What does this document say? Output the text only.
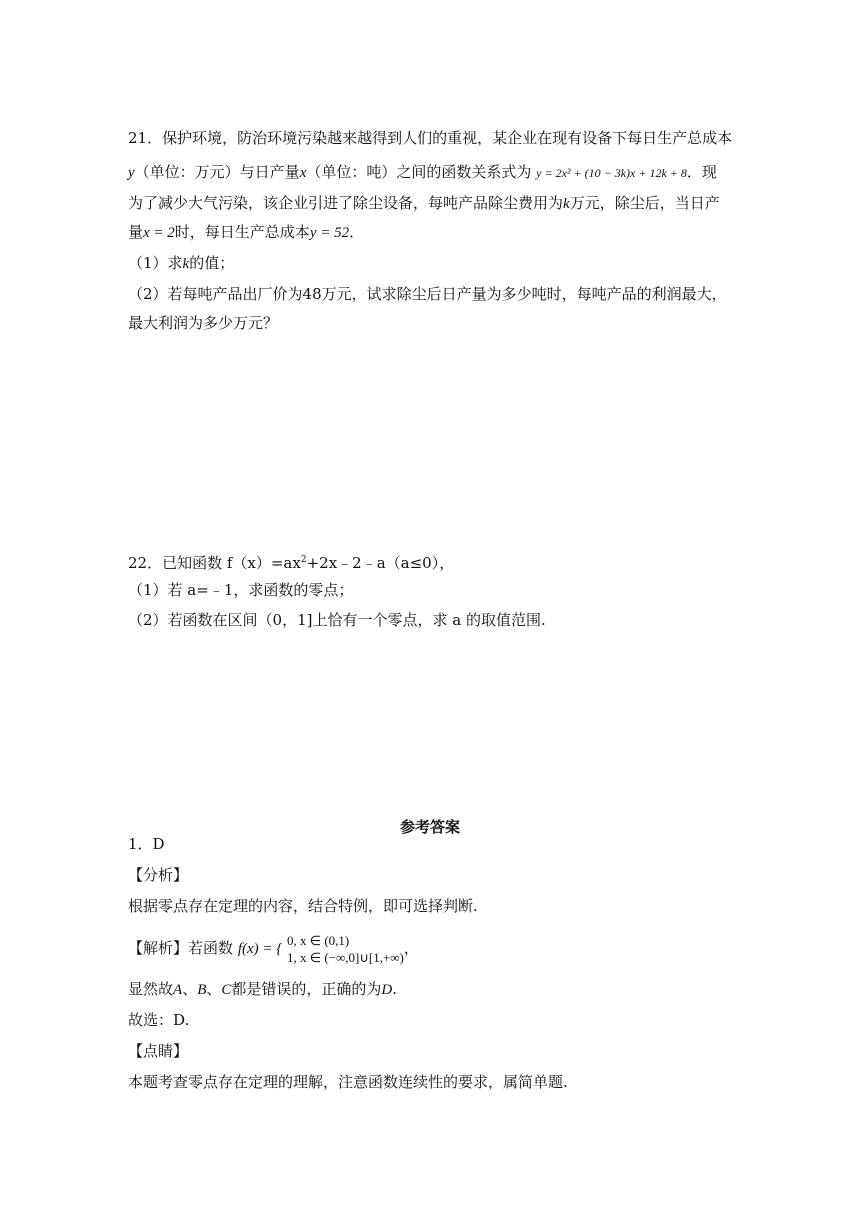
21．保护环境，防治环境污染越来越得到人们的重视，某企业在现有设备下每日生产总成本
y（单位：万元）与日产量x（单位：吨）之间的函数关系式为 y = 2x² + (10 − 3k)x + 12k + 8．现
为了减少大气污染，该企业引进了除尘设备，每吨产品除尘费用为k万元，除尘后，当日产
量x = 2时，每日生产总成本y = 52．
（1）求k的值；
（2）若每吨产品出厂价为48万元，试求除尘后日产量为多少吨时，每吨产品的利润最大，
最大利润为多少万元？
22．已知函数 $f(x)=ax^2+2x﹣2﹣a(a\le 0)$，
（1）若 a=﹣1，求函数的零点；
（2）若函数在区间（0，1]上恰有一个零点，求 a 的取值范围.
参考答案
1．D
【分析】
根据零点存在定理的内容，结合特例，即可选择判断.
【解析】若函数 f(x) = {
0, x ∈ (0,1)
1, x ∈ (−∞,0]∪[1,+∞)
，
显然故A、B、C都是错误的，正确的为D.
故选：D.
【点睛】
本题考查零点存在定理的理解，注意函数连续性的要求，属简单题.
